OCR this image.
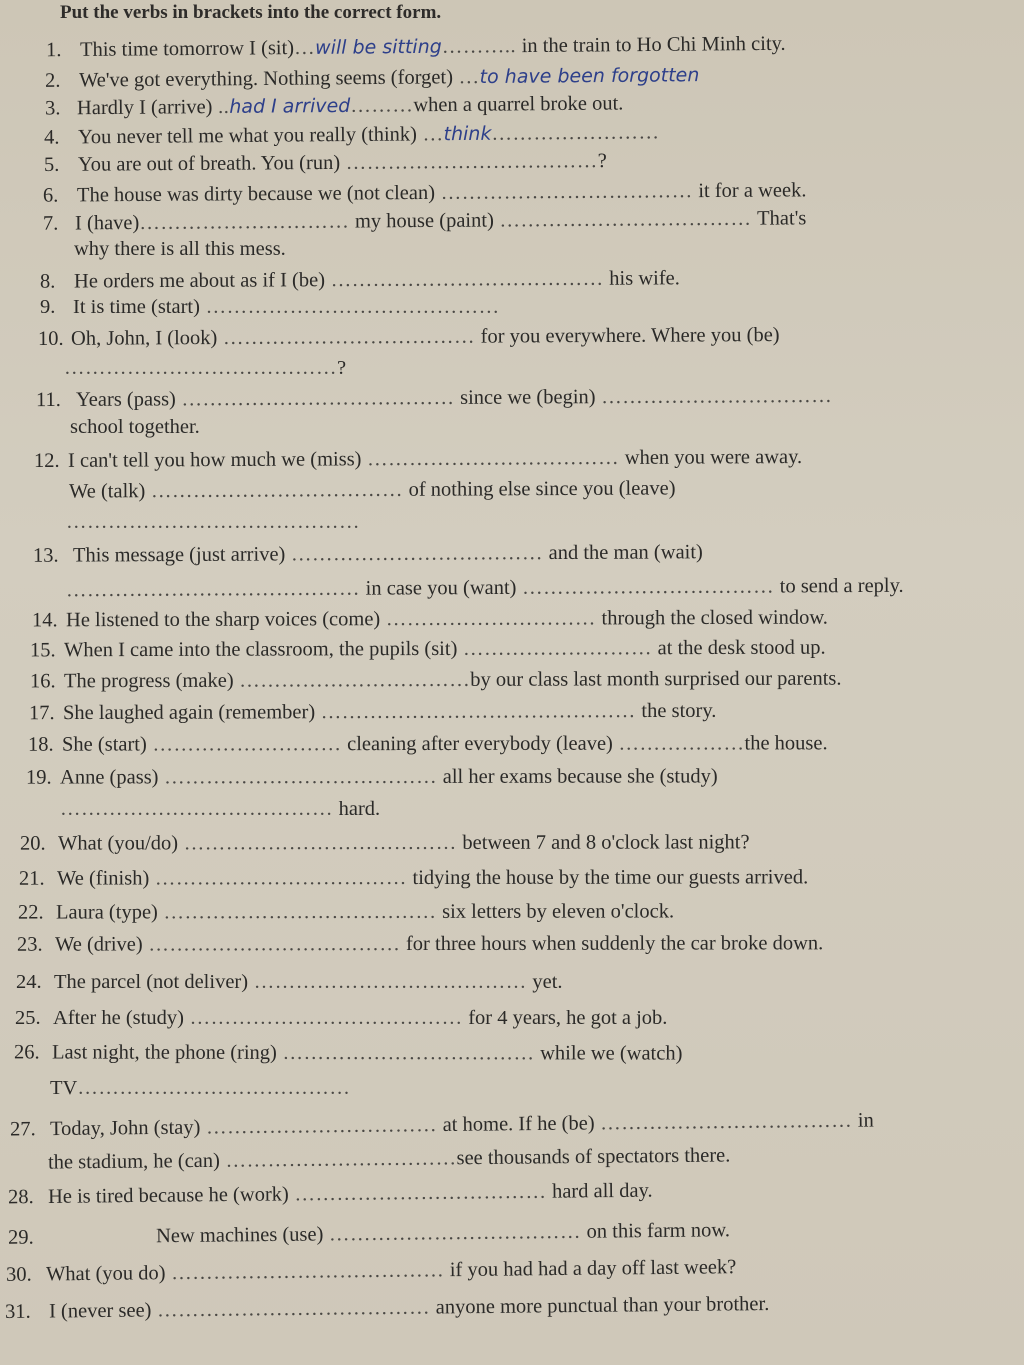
Put the verbs in brackets into the correct form.
1. This time tomorrow I (sit)…will be sitting……….. in the train to Ho Chi Minh city.
2. We've got everything. Nothing seems (forget) …to have been forgotten
3. Hardly I (arrive) ..had I arrived………when a quarrel broke out.
4. You never tell me what you really (think) …think……………………
5. You are out of breath. You (run) ………………………………?
6. The house was dirty because we (not clean) ……………………………… it for a week.
7. I (have)………………………… my house (paint) ……………………………… That's
why there is all this mess.
8. He orders me about as if I (be) ………………………………… his wife.
9. It is time (start) ……………………………………
10. Oh, John, I (look) ……………………………… for you everywhere. Where you (be)
…………………………………?
11. Years (pass) ………………………………… since we (begin) ……………………………
school together.
12. I can't tell you how much we (miss) ……………………………… when you were away.
We (talk) ……………………………… of nothing else since you (leave)
……………………………………
13. This message (just arrive) ……………………………… and the man (wait)
…………………………………… in case you (want) ……………………………… to send a reply.
14. He listened to the sharp voices (come) ………………………… through the closed window.
15. When I came into the classroom, the pupils (sit) ……………………… at the desk stood up.
16. The progress (make) ……………………………by our class last month surprised our parents.
17. She laughed again (remember) ……………………………………… the story.
18. She (start) ……………………… cleaning after everybody (leave) ………………the house.
19. Anne (pass) ………………………………… all her exams because she (study)
………………………………… hard.
20. What (you/do) ………………………………… between 7 and 8 o'clock last night?
21. We (finish) ……………………………… tidying the house by the time our guests arrived.
22. Laura (type) ………………………………… six letters by eleven o'clock.
23. We (drive) ……………………………… for three hours when suddenly the car broke down.
24. The parcel (not deliver) ………………………………… yet.
25. After he (study) ………………………………… for 4 years, he got a job.
26. Last night, the phone (ring) ……………………………… while we (watch)
TV…………………………………
27. Today, John (stay) …………………………… at home. If he (be) ……………………………… in
the stadium, he (can) ……………………………see thousands of spectators there.
28. He is tired because he (work) ……………………………… hard all day.
29.	New machines (use) ……………………………… on this farm now.
30. What (you do) ………………………………… if you had had a day off last week?
31. I (never see) ………………………………… anyone more punctual than your brother.
